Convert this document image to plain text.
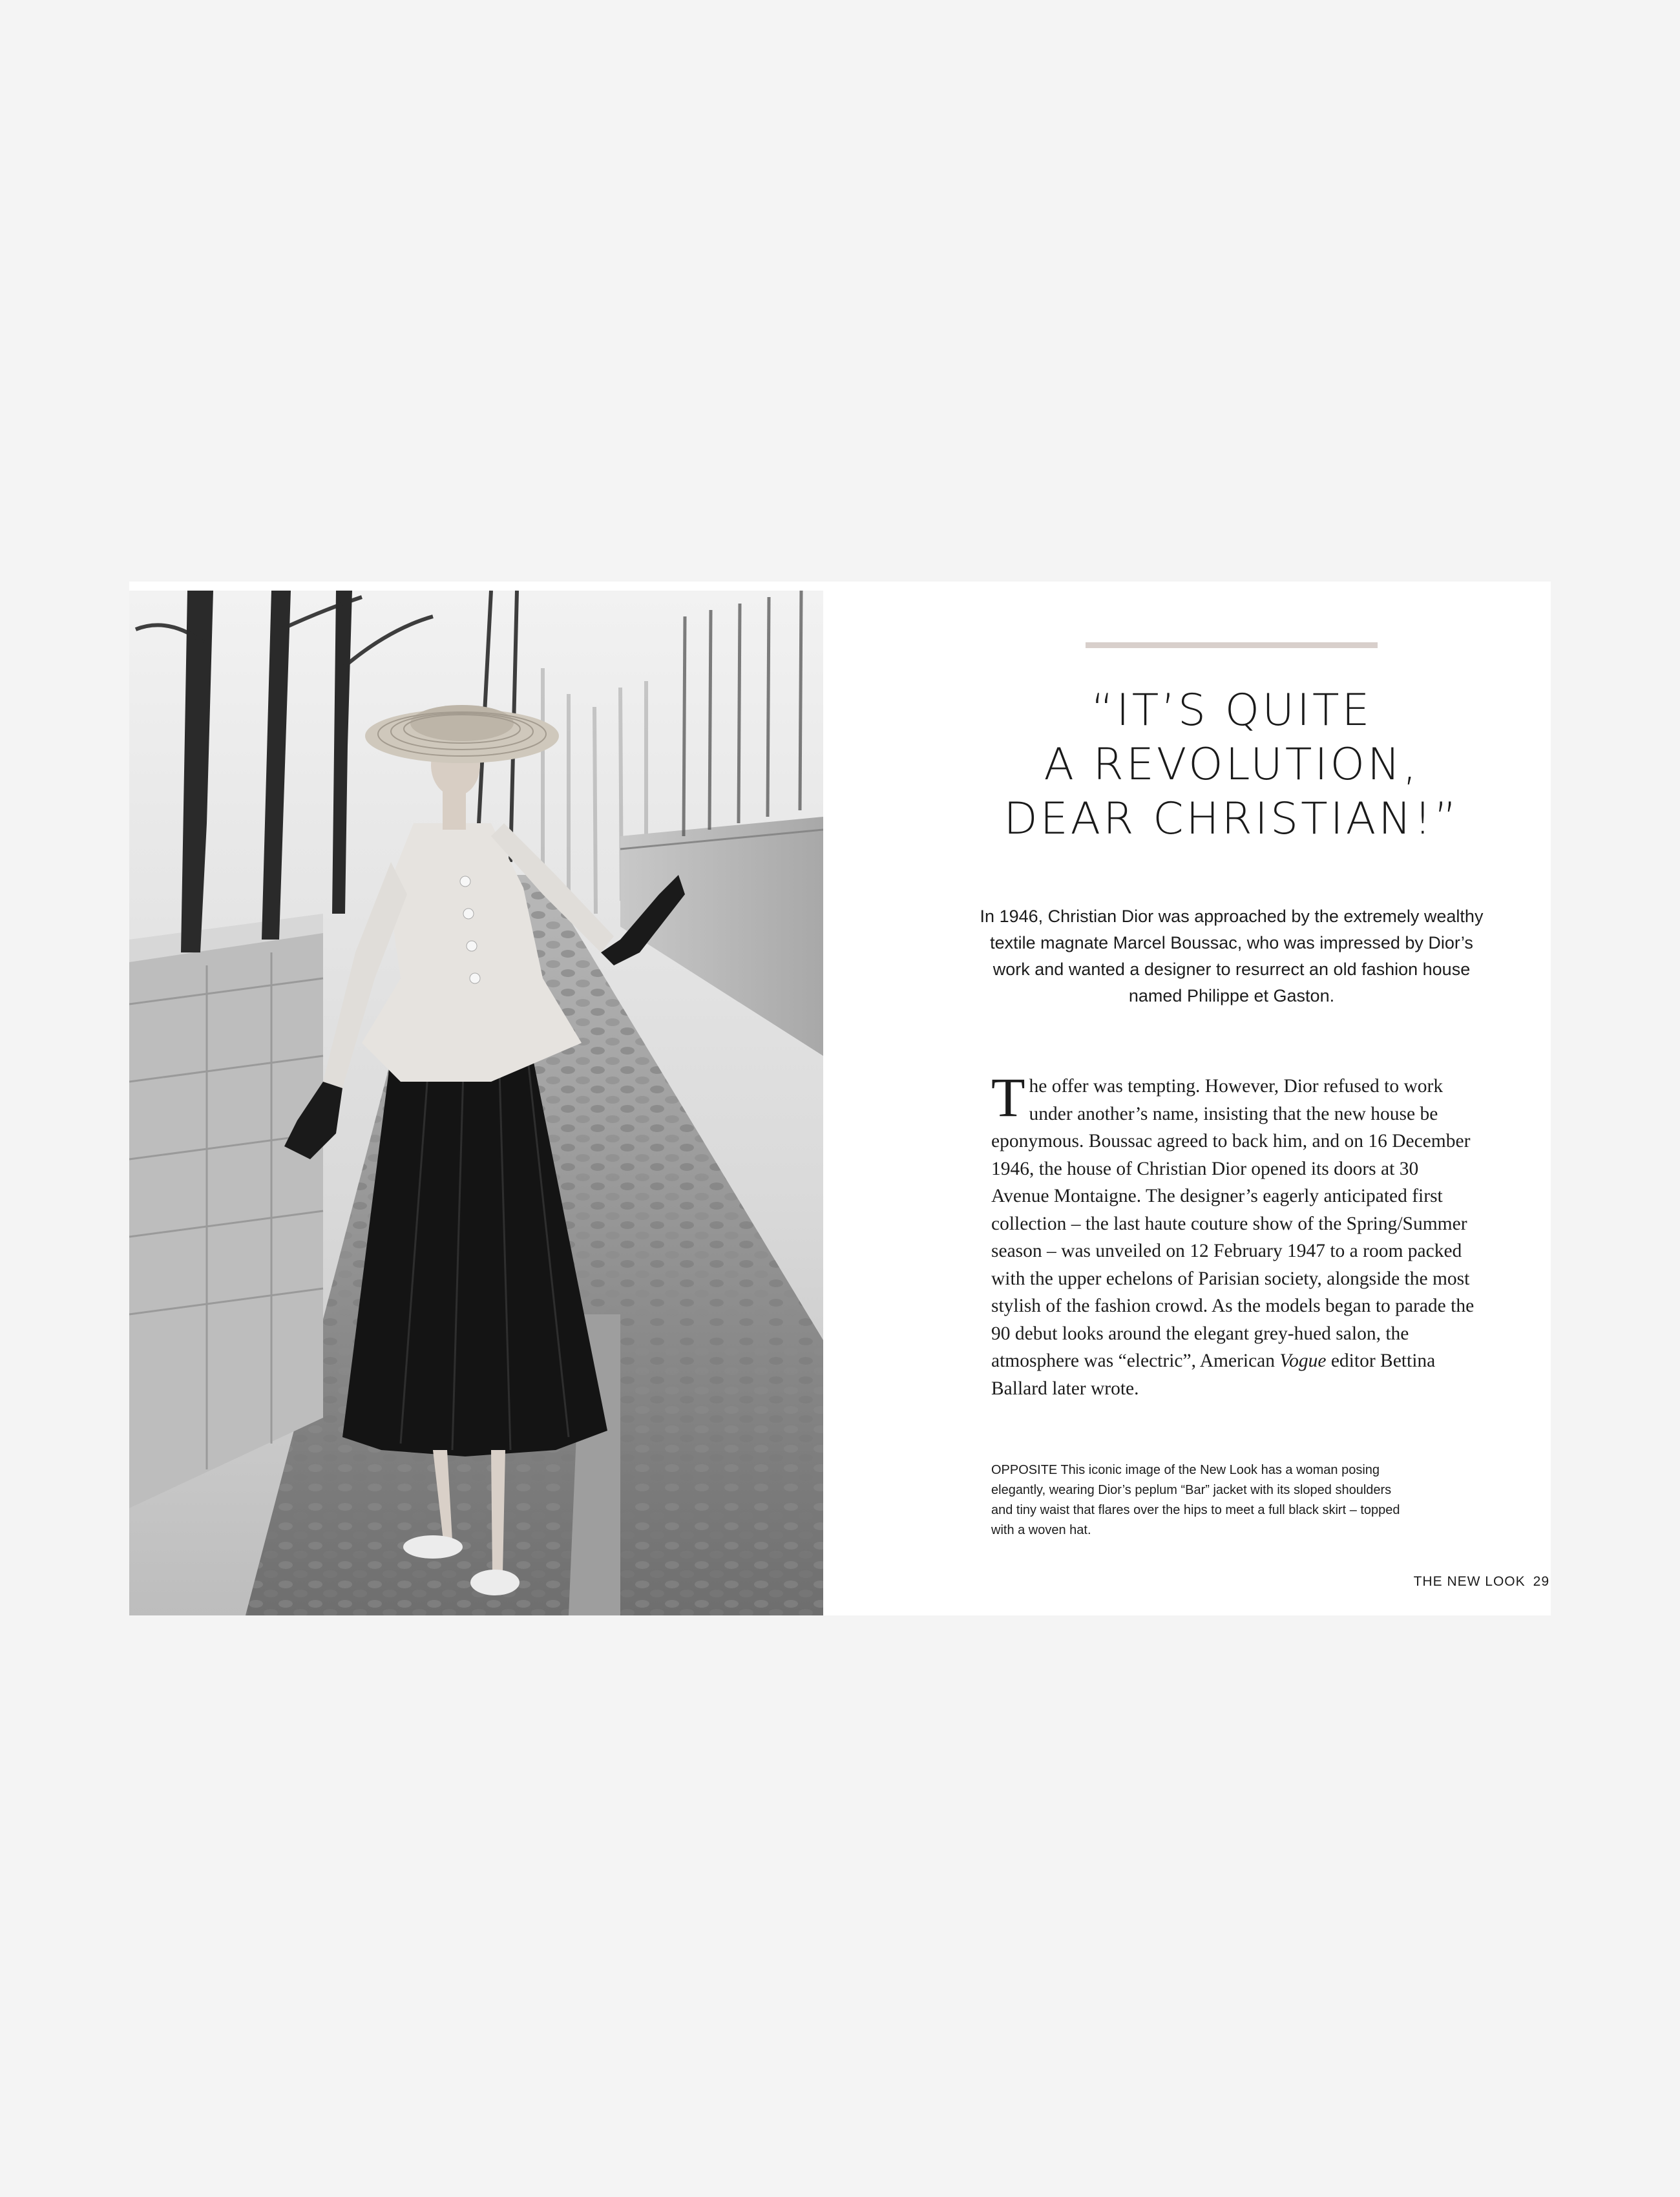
“IT’S QUITE
A REVOLUTION,
DEAR CHRISTIAN!”

In 1946, Christian Dior was approached by the extremely wealthy textile magnate Marcel Boussac, who was impressed by Dior’s work and wanted a designer to resurrect an old fashion house named Philippe et Gaston.

The offer was tempting. However, Dior refused to work under another’s name, insisting that the new house be eponymous. Boussac agreed to back him, and on 16 December 1946, the house of Christian Dior opened its doors at 30 Avenue Montaigne. The designer’s eagerly anticipated first collection – the last haute couture show of the Spring/Summer season – was unveiled on 12 February 1947 to a room packed with the upper echelons of Parisian society, alongside the most stylish of the fashion crowd. As the models began to parade the 90 debut looks around the elegant grey-hued salon, the atmosphere was “electric”, American Vogue editor Bettina Ballard later wrote.

OPPOSITE This iconic image of the New Look has a woman posing elegantly, wearing Dior’s peplum “Bar” jacket with its sloped shoulders and tiny waist that flares over the hips to meet a full black skirt – topped with a woven hat.

THE NEW LOOK 29
